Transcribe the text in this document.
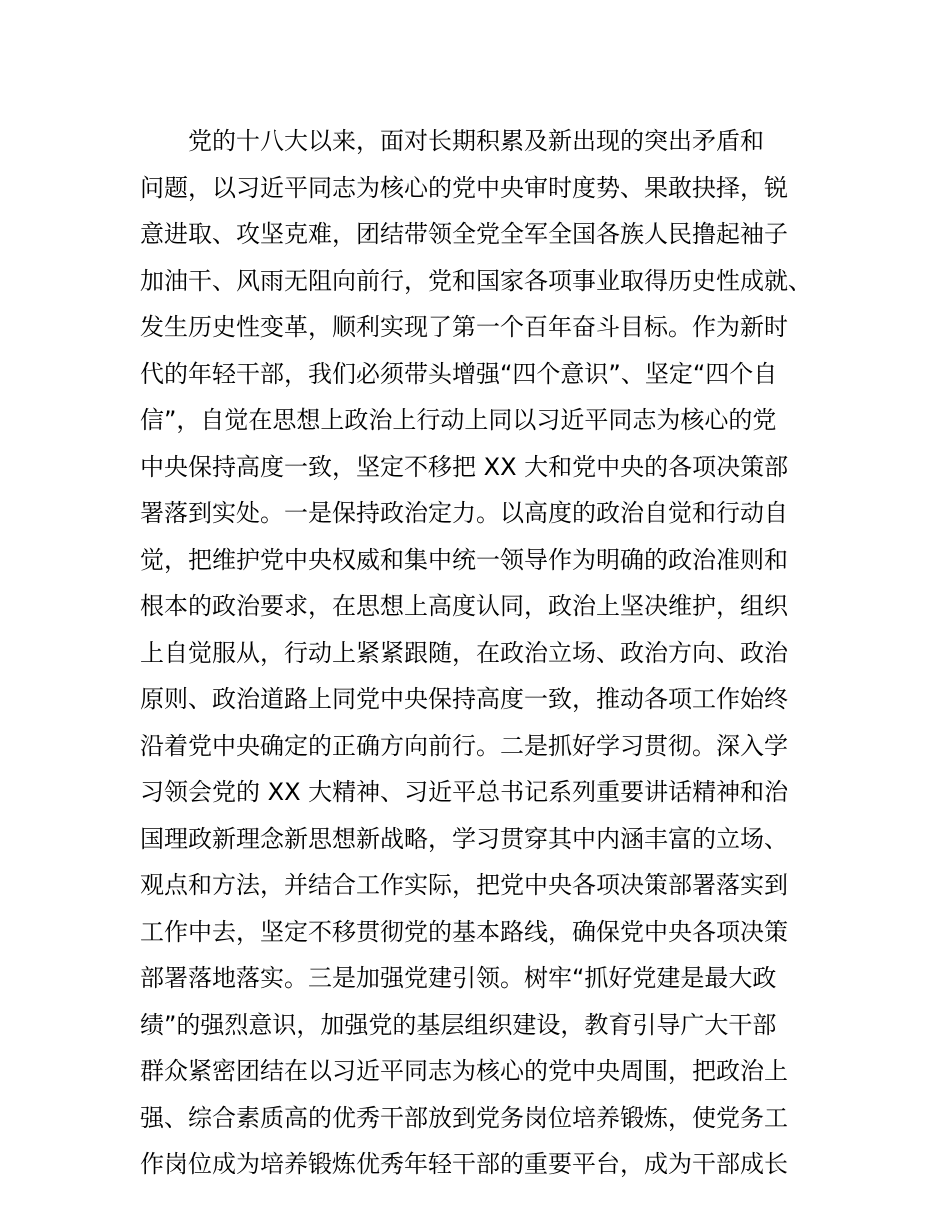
党的十八大以来，面对长期积累及新出现的突出矛盾和
问题，以习近平同志为核心的党中央审时度势、果敢抉择，锐
意进取、攻坚克难，团结带领全党全军全国各族人民撸起袖子
加油干、风雨无阻向前行，党和国家各项事业取得历史性成就、
发生历史性变革，顺利实现了第一个百年奋斗目标。作为新时
代的年轻干部，我们必须带头增强“四个意识”、坚定“四个自
信”，自觉在思想上政治上行动上同以习近平同志为核心的党
中央保持高度一致，坚定不移把 XX 大和党中央的各项决策部
署落到实处。一是保持政治定力。以高度的政治自觉和行动自
觉，把维护党中央权威和集中统一领导作为明确的政治准则和
根本的政治要求，在思想上高度认同，政治上坚决维护，组织
上自觉服从，行动上紧紧跟随，在政治立场、政治方向、政治
原则、政治道路上同党中央保持高度一致，推动各项工作始终
沿着党中央确定的正确方向前行。二是抓好学习贯彻。深入学
习领会党的 XX 大精神、习近平总书记系列重要讲话精神和治
国理政新理念新思想新战略，学习贯穿其中内涵丰富的立场、
观点和方法，并结合工作实际，把党中央各项决策部署落实到
工作中去，坚定不移贯彻党的基本路线，确保党中央各项决策
部署落地落实。三是加强党建引领。树牢“抓好党建是最大政
绩”的强烈意识，加强党的基层组织建设，教育引导广大干部
群众紧密团结在以习近平同志为核心的党中央周围，把政治上
强、综合素质高的优秀干部放到党务岗位培养锻炼，使党务工
作岗位成为培养锻炼优秀年轻干部的重要平台，成为干部成长
